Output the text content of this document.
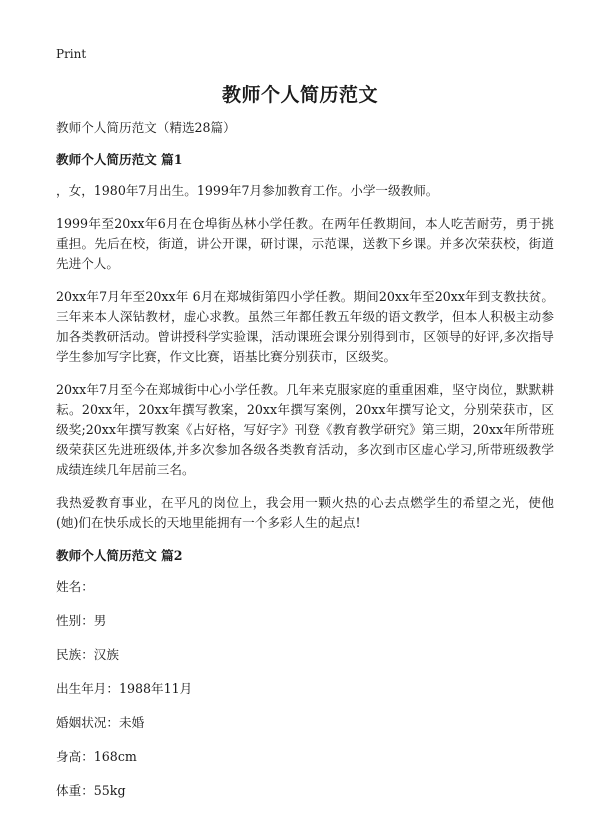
Print
教师个人简历范文

教师个人简历范文（精选28篇）

教师个人简历范文 篇1

，女，1980年7月出生。1999年7月参加教育工作。小学一级教师。

1999年至20xx年6月在仓埠街丛林小学任教。在两年任教期间，本人吃苦耐劳，勇于挑重担。先后在校，街道，讲公开课，研讨课，示范课，送教下乡课。并多次荣获校，街道先进个人。

20xx年7月年至20xx年 6月在郑城街第四小学任教。期间20xx年至20xx年到支教扶贫。三年来本人深钻教材，虚心求教。虽然三年都任教五年级的语文教学，但本人积极主动参加各类教研活动。曾讲授科学实验课，活动课班会课分别得到市，区领导的好评,多次指导学生参加写字比赛，作文比赛，语基比赛分别获市，区级奖。

20xx年7月至今在郑城街中心小学任教。几年来克服家庭的重重困难，坚守岗位，默默耕耘。20xx年，20xx年撰写教案，20xx年撰写案例，20xx年撰写论文，分别荣获市，区级奖;20xx年撰写教案《占好格，写好字》刊登《教育教学研究》第三期，20xx年所带班级荣获区先进班级体,并多次参加各级各类教育活动，多次到市区虚心学习,所带班级教学成绩连续几年居前三名。

我热爱教育事业，在平凡的岗位上，我会用一颗火热的心去点燃学生的希望之光，使他(她)们在快乐成长的天地里能拥有一个多彩人生的起点!

教师个人简历范文 篇2

姓名：

性别：男

民族：汉族

出生年月：1988年11月

婚姻状况：未婚

身高：168cm

体重：55kg
